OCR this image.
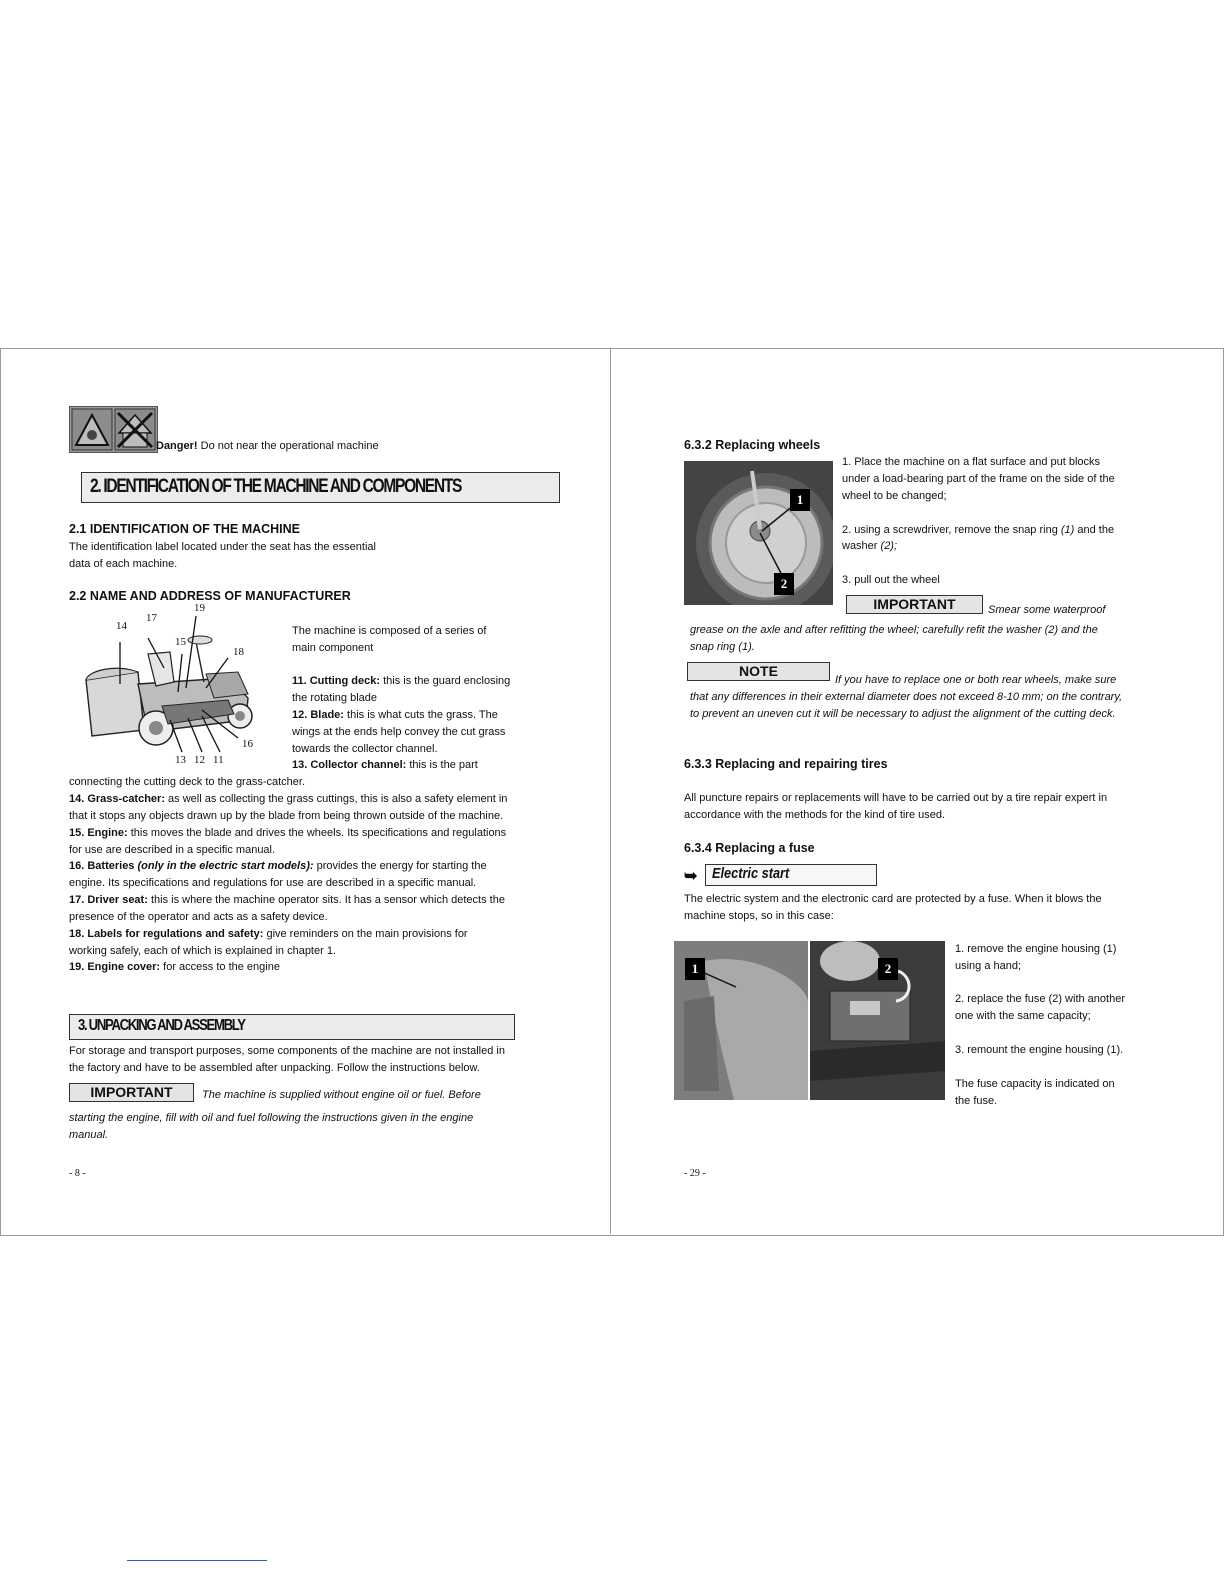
Danger! Do not near the operational machine
2. IDENTIFICATION OF THE MACHINE AND COMPONENTS
2.1 IDENTIFICATION OF THE MACHINE
The identification label located under the seat has the essential
data of each machine.
2.2 NAME AND ADDRESS OF MANUFACTURER
19
17
14
15
18
16
13 12 11
The machine is composed of a series of
main component
11. Cutting deck: this is the guard enclosing
the rotating blade
12. Blade: this is what cuts the grass. The
wings at the ends help convey the cut grass
towards the collector channel.
13. Collector channel: this is the part
connecting the cutting deck to the grass-catcher.
14. Grass-catcher: as well as collecting the grass cuttings, this is also a safety element in
that it stops any objects drawn up by the blade from being thrown outside of the machine.
15. Engine: this moves the blade and drives the wheels. Its specifications and regulations
for use are described in a specific manual.
16. Batteries (only in the electric start models): provides the energy for starting the
engine. Its specifications and regulations for use are described in a specific manual.
17. Driver seat: this is where the machine operator sits. It has a sensor which detects the
presence of the operator and acts as a safety device.
18. Labels for regulations and safety: give reminders on the main provisions for
working safely, each of which is explained in chapter 1.
19. Engine cover: for access to the engine
3. UNPACKING AND ASSEMBLY
For storage and transport purposes, some components of the machine are not installed in
the factory and have to be assembled after unpacking. Follow the instructions below.
IMPORTANT	The machine is supplied without engine oil or fuel. Before
starting the engine, fill with oil and fuel following the instructions given in the engine
manual.
- 8 -
6.3.2 Replacing wheels
1
2
1. Place the machine on a flat surface and put blocks
under a load-bearing part of the frame on the side of the
wheel to be changed;
2. using a screwdriver, remove the snap ring (1) and the
washer (2);
3. pull out the wheel
IMPORTANT	Smear some waterproof
grease on the axle and after refitting the wheel; carefully refit the washer (2) and the
snap ring (1).
NOTE
If you have to replace one or both rear wheels, make sure
that any differences in their external diameter does not exceed 8-10 mm; on the contrary,
to prevent an uneven cut it will be necessary to adjust the alignment of the cutting deck.
6.3.3 Replacing and repairing tires
All puncture repairs or replacements will have to be carried out by a tire repair expert in
accordance with the methods for the kind of tire used.
6.3.4 Replacing a fuse
➥ Electric start
The electric system and the electronic card are protected by a fuse. When it blows the
machine stops, so in this case:
1	2
1. remove the engine housing (1)
using a hand;
2. replace the fuse (2) with another
one with the same capacity;
3. remount the engine housing (1).
The fuse capacity is indicated on
the fuse.
- 29 -
